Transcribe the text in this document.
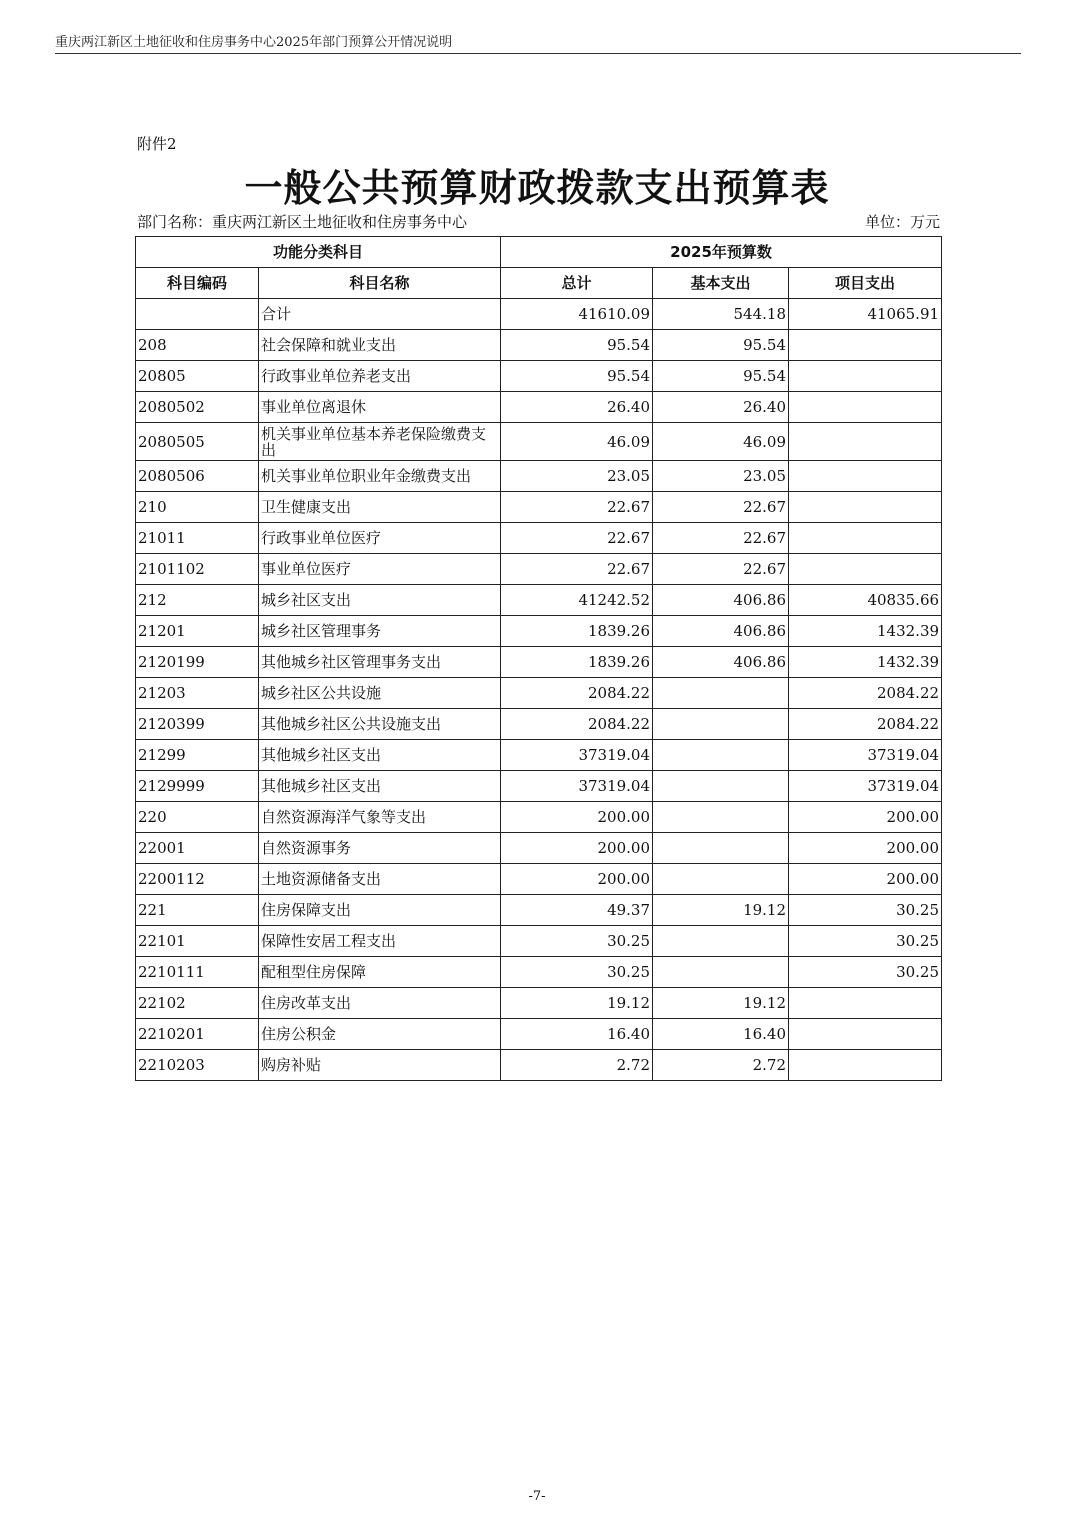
重庆两江新区土地征收和住房事务中心2025年部门预算公开情况说明
附件2
一般公共预算财政拨款支出预算表
部门名称：重庆两江新区土地征收和住房事务中心	单位：万元
功能分类科目		2025年预算数		
科目编码	科目名称	总计	基本支出	项目支出
	合计	41610.09	544.18	41065.91
208	社会保障和就业支出	95.54	95.54	
20805	行政事业单位养老支出	95.54	95.54	
2080502	事业单位离退休	26.40	26.40	
2080505	机关事业单位基本养老保险缴费支出	46.09	46.09	
2080506	机关事业单位职业年金缴费支出	23.05	23.05	
210	卫生健康支出	22.67	22.67	
21011	行政事业单位医疗	22.67	22.67	
2101102	事业单位医疗	22.67	22.67	
212	城乡社区支出	41242.52	406.86	40835.66
21201	城乡社区管理事务	1839.26	406.86	1432.39
2120199	其他城乡社区管理事务支出	1839.26	406.86	1432.39
21203	城乡社区公共设施	2084.22		2084.22
2120399	其他城乡社区公共设施支出	2084.22		2084.22
21299	其他城乡社区支出	37319.04		37319.04
2129999	其他城乡社区支出	37319.04		37319.04
220	自然资源海洋气象等支出	200.00		200.00
22001	自然资源事务	200.00		200.00
2200112	土地资源储备支出	200.00		200.00
221	住房保障支出	49.37	19.12	30.25
22101	保障性安居工程支出	30.25		30.25
2210111	配租型住房保障	30.25		30.25
22102	住房改革支出	19.12	19.12	
2210201	住房公积金	16.40	16.40	
2210203	购房补贴	2.72	2.72	
-7-
